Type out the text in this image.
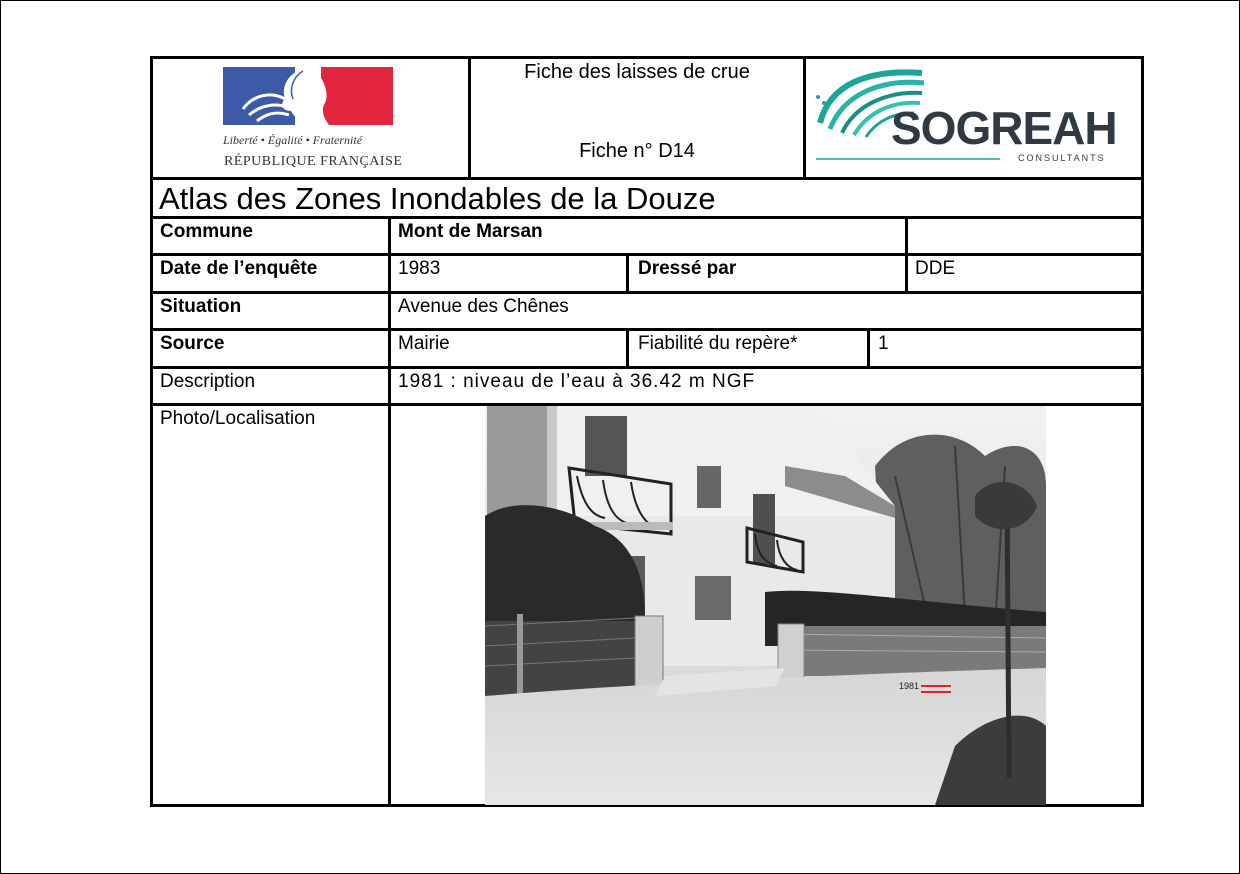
Liberté • Égalité • Fraternité
RÉPUBLIQUE FRANÇAISE
Fiche des laisses de crue
Fiche n° D14	SOGREAH
CONSULTANTS
Atlas des Zones Inondables de la Douze
Commune	Mont de Marsan
Date de l’enquête	1983	Dressé par	DDE
Situation	Avenue des Chênes
Source	Mairie	Fiabilité du repère*	1
Description	1981 : niveau de l’eau à 36.42 m NGF
Photo/Localisation
1981
